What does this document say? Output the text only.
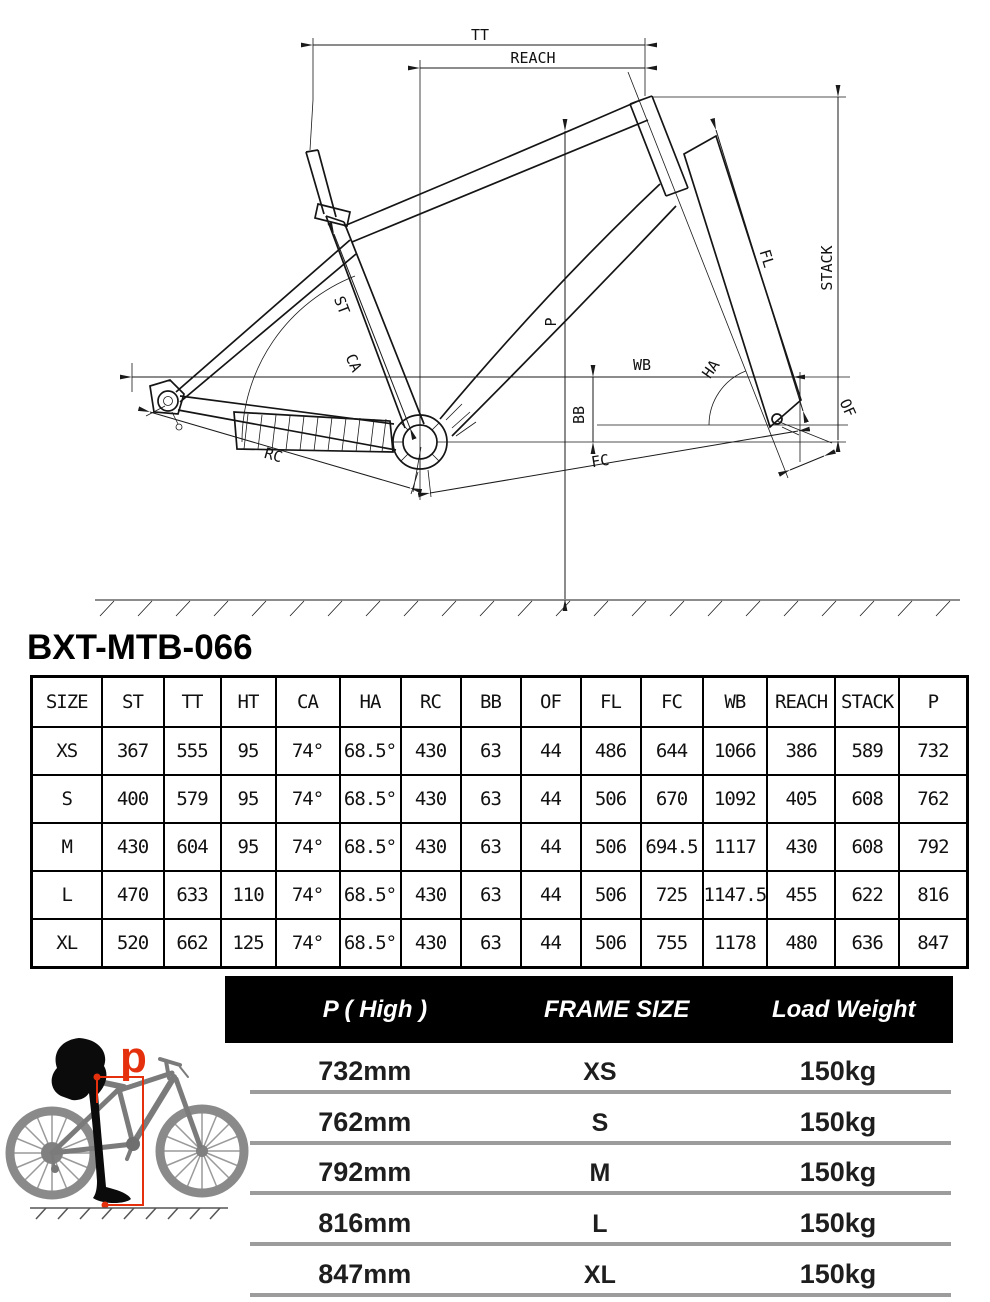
TT
REACH
STACK
FL
HA
OF
ST
CA
P
WB
BB
RC	FC
BXT-MTB-066
SIZE	ST	TT	HT	CA	HA	RC	BB	OF	FL	FC	WB	REACH	STACK	P
XS	367	555	95	74°	68.5°	430	63	44	486	644	1066	386	589	732
S	400	579	95	74°	68.5°	430	63	44	506	670	1092	405	608	762
M	430	604	95	74°	68.5°	430	63	44	506	694.5	1117	430	608	792
L	470	633	110	74°	68.5°	430	63	44	506	725	1147.5	455	622	816
XL	520	662	125	74°	68.5°	430	63	44	506	755	1178	480	636	847
P ( High )	FRAME SIZE	Load Weight
732mm	XS	150kg
762mm	S	150kg
792mm	M	150kg
816mm	L	150kg
847mm	XL	150kg
p
